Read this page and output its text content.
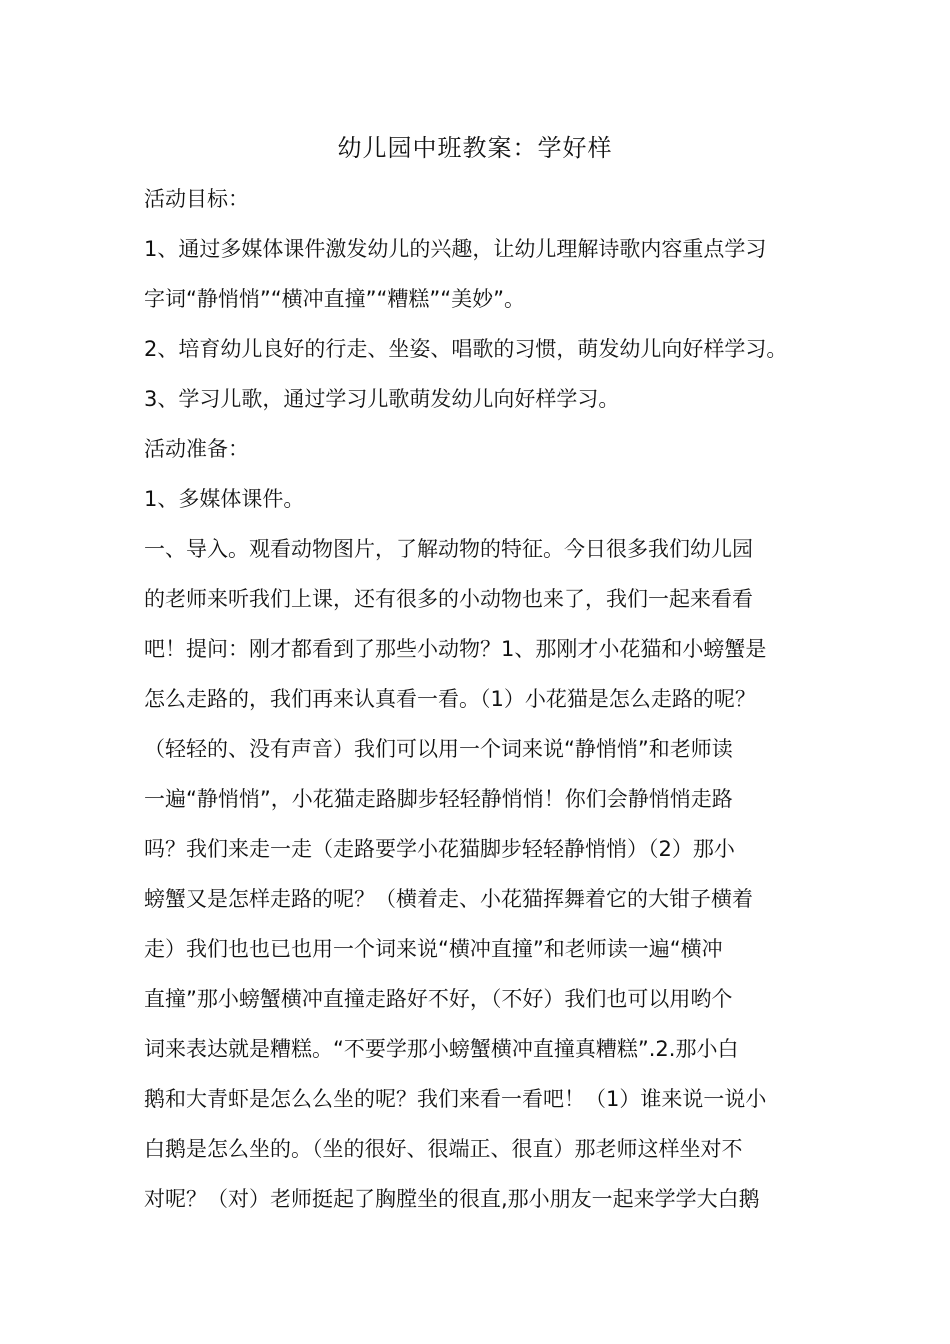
幼儿园中班教案：学好样
活动目标：
1、通过多媒体课件激发幼儿的兴趣，让幼儿理解诗歌内容重点学习
字词“静悄悄”“横冲直撞”“糟糕”“美妙”。
2、培育幼儿良好的行走、坐姿、唱歌的习惯，萌发幼儿向好样学习。
3、学习儿歌，通过学习儿歌萌发幼儿向好样学习。
活动准备：
1、多媒体课件。
一、导入。观看动物图片，了解动物的特征。今日很多我们幼儿园
的老师来听我们上课，还有很多的小动物也来了，我们一起来看看
吧！提问：刚才都看到了那些小动物？1、那刚才小花猫和小螃蟹是
怎么走路的，我们再来认真看一看。（1）小花猫是怎么走路的呢？
（轻轻的、没有声音）我们可以用一个词来说“静悄悄”和老师读
一遍“静悄悄”，小花猫走路脚步轻轻静悄悄！你们会静悄悄走路
吗？我们来走一走（走路要学小花猫脚步轻轻静悄悄）（2）那小
螃蟹又是怎样走路的呢？（横着走、小花猫挥舞着它的大钳子横着
走）我们也也已也用一个词来说“横冲直撞”和老师读一遍“横冲
直撞”那小螃蟹横冲直撞走路好不好，（不好）我们也可以用哟个
词来表达就是糟糕。“不要学那小螃蟹横冲直撞真糟糕”.2.那小白
鹅和大青虾是怎么么坐的呢？我们来看一看吧！（1）谁来说一说小
白鹅是怎么坐的。（坐的很好、很端正、很直）那老师这样坐对不
对呢？（对）老师挺起了胸膛坐的很直,那小朋友一起来学学大白鹅
